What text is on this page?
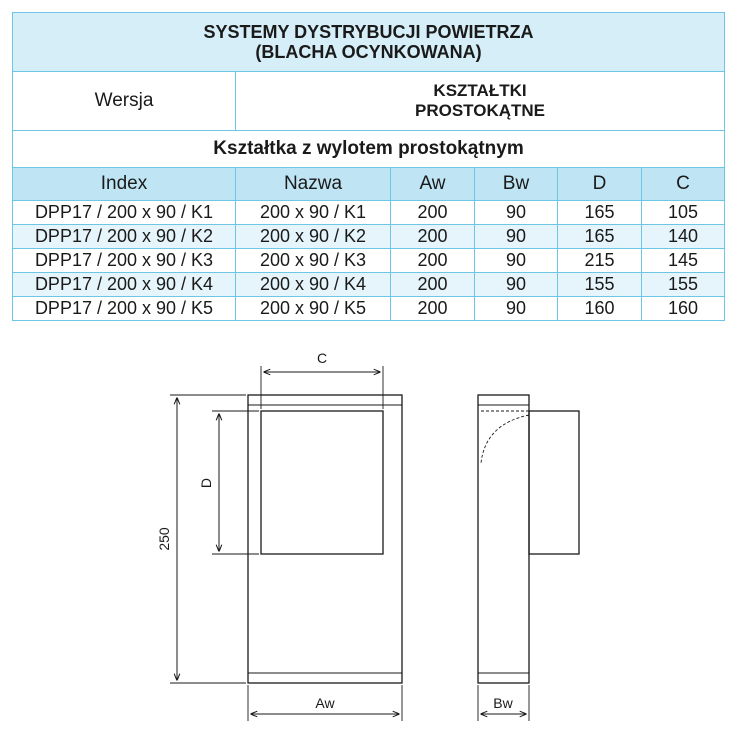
SYSTEMY DYSTRYBUCJI POWIETRZA
(BLACHA OCYNKOWANA)					

Wersja	KSZTAŁTKI
PROSTOKĄTNE				

Kształtka z wylotem prostokątnym					
Index	Nazwa	Aw	Bw	D	C
DPP17 / 200 x 90 / K1	200 x 90 / K1	200	90	165	105
DPP17 / 200 x 90 / K2	200 x 90 / K2	200	90	165	140
DPP17 / 200 x 90 / K3	200 x 90 / K3	200	90	215	145
DPP17 / 200 x 90 / K4	200 x 90 / K4	200	90	155	155
DPP17 / 200 x 90 / K5	200 x 90 / K5	200	90	160	160
C
D
250
Aw	Bw
